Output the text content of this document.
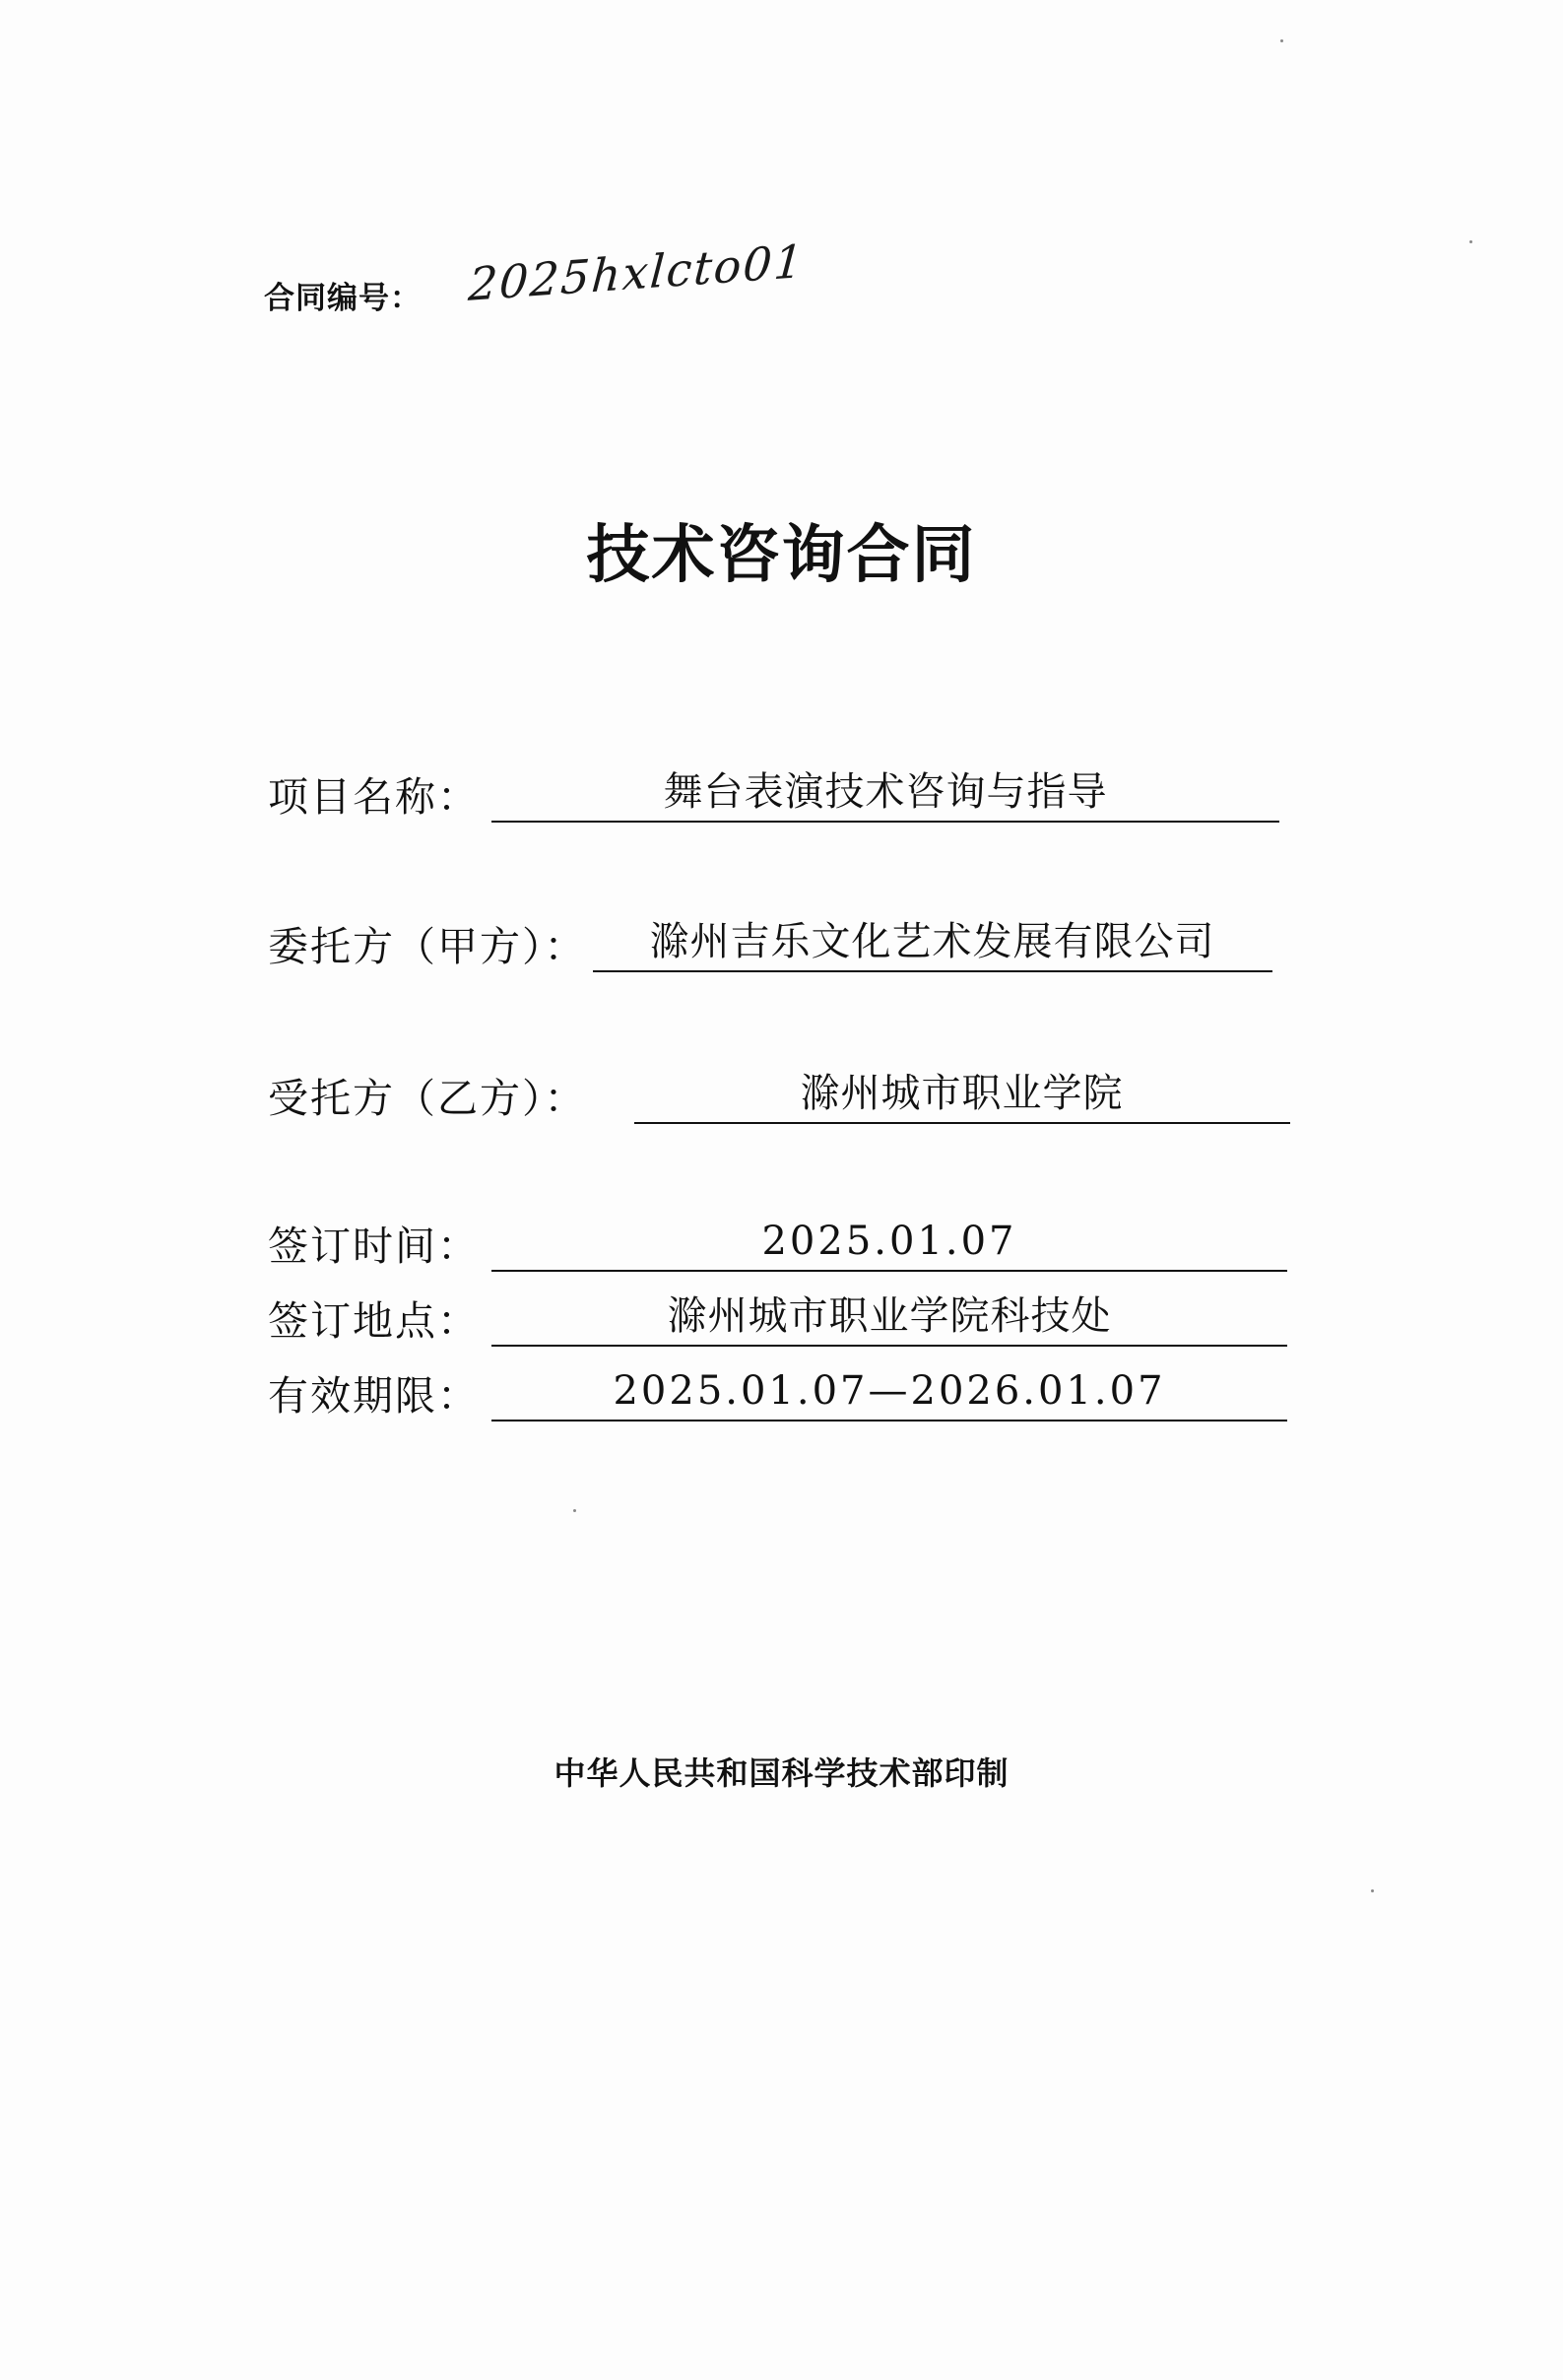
合同编号： 2025hxlcto01
技术咨询合同
项目名称：	舞台表演技术咨询与指导
委托方（甲方）：	滁州吉乐文化艺术发展有限公司
受托方（乙方）：	滁州城市职业学院
签订时间：	2025.01.07
签订地点：	滁州城市职业学院科技处
有效期限：	2025.01.07—2026.01.07
中华人民共和国科学技术部印制
